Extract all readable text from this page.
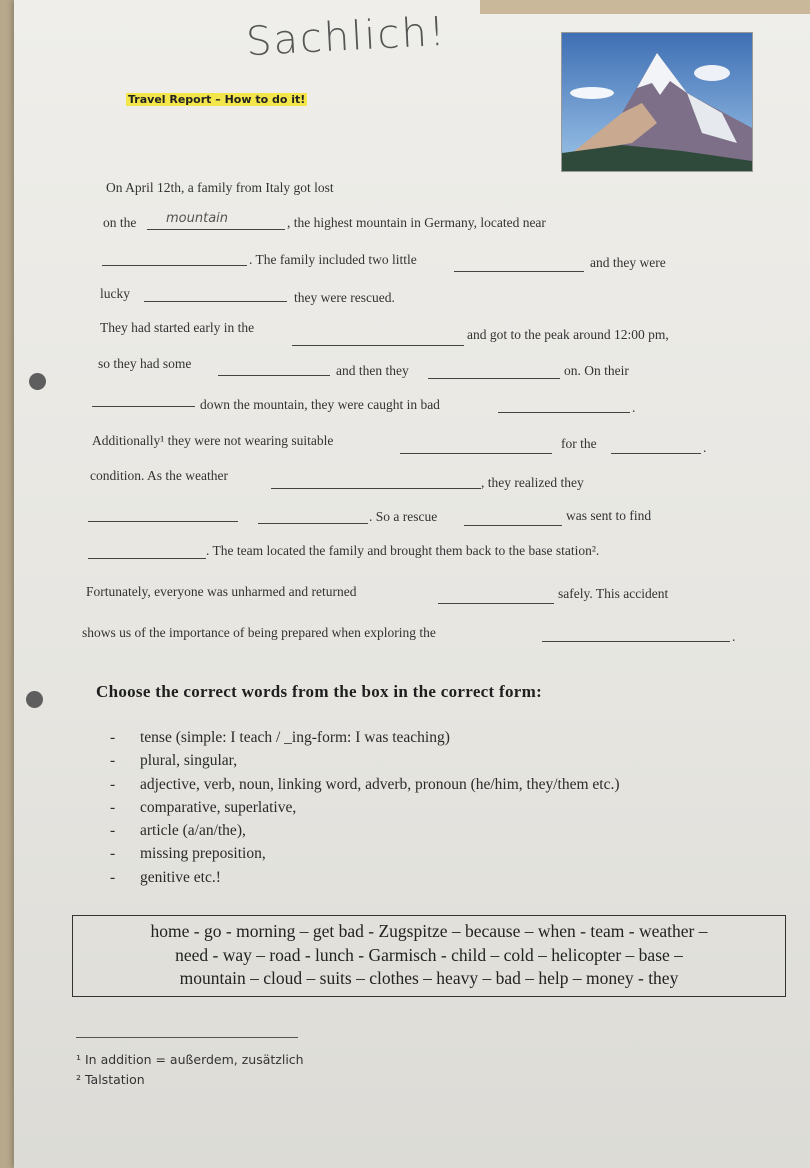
Sachlich!
Travel Report – How to do it!
On April 12th, a family from Italy got lost
on the mountain	, the highest mountain in Germany, located near
. The family included two little	and they were
lucky	they were rescued.
They had started early in the	and got to the peak around 12:00 pm,
so they had some	and then they	on. On their
down the mountain, they were caught in bad	.
Additionally¹ they were not wearing suitable	for the	.
condition. As the weather	, they realized they
. So a rescue	was sent to find
. The team located the family and brought them back to the base station².
Fortunately, everyone was unharmed and returned	safely. This accident
shows us of the importance of being prepared when exploring the	.
Choose the correct words from the box in the correct form:
- tense (simple: I teach / _ing-form: I was teaching)
- plural, singular,
- adjective, verb, noun, linking word, adverb, pronoun (he/him, they/them etc.)
- comparative, superlative,
- article (a/an/the),
- missing preposition,
- genitive etc.!
home - go - morning – get bad - Zugspitze – because – when - team - weather –
need - way – road - lunch - Garmisch - child – cold – helicopter – base –
mountain – cloud – suits – clothes – heavy – bad – help – money - they
¹ In addition = außerdem, zusätzlich
² Talstation
